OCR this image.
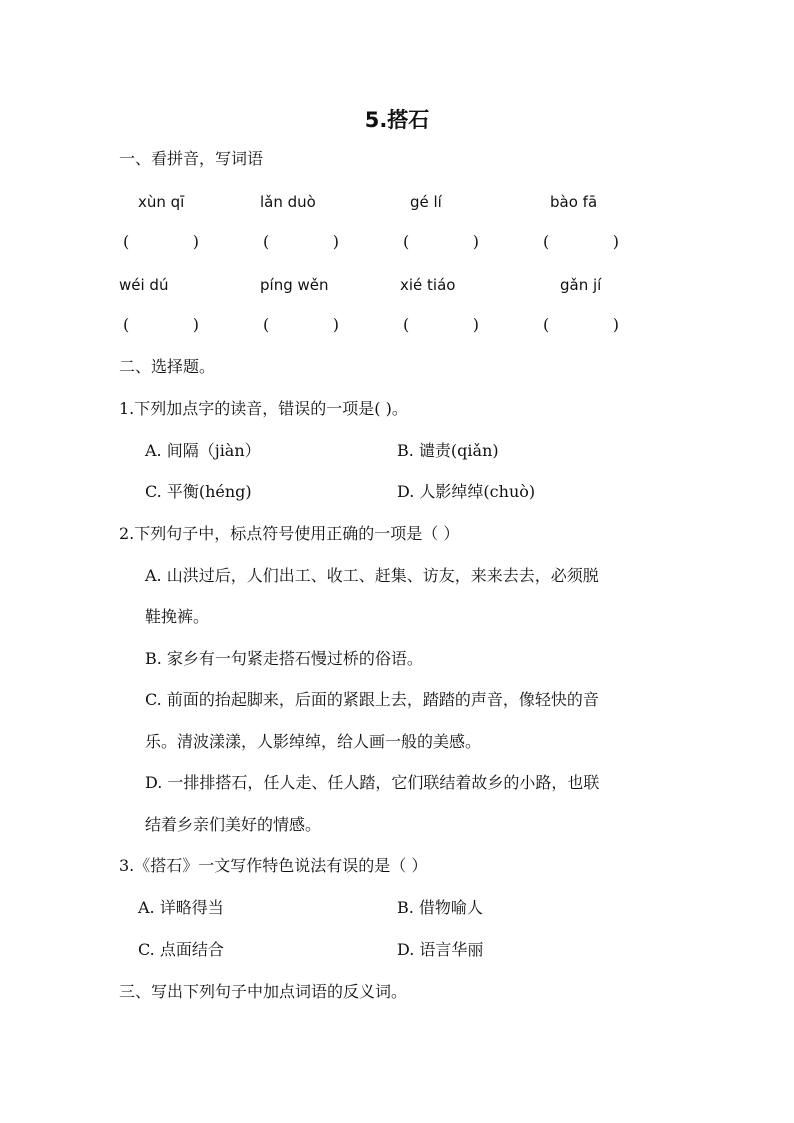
5.搭石
一、看拼音，写词语
xùn qī	lǎn duò	gé lí	bào fā
(	)	(	)	(	)	(	)
wéi dú	píng wěn	xié tiáo	gǎn jí
(	)	(	)	(	)	(	)
二、选择题。
1.下列加点字的读音，错误的一项是( )。
A. 间隔（jiàn）	B. 谴责(qiǎn)
C. 平衡(héng)	D. 人影绰绰(chuò)
2.下列句子中，标点符号使用正确的一项是（ ）
A. 山洪过后，人们出工、收工、赶集、访友，来来去去，必须脱
鞋挽裤。
B. 家乡有一句紧走搭石慢过桥的俗语。
C. 前面的抬起脚来，后面的紧跟上去，踏踏的声音，像轻快的音
乐。清波漾漾，人影绰绰，给人画一般的美感。
D. 一排排搭石，任人走、任人踏，它们联结着故乡的小路，也联
结着乡亲们美好的情感。
3.《搭石》一文写作特色说法有误的是（ ）
A. 详略得当	B. 借物喻人
C. 点面结合	D. 语言华丽
三、写出下列句子中加点词语的反义词。
